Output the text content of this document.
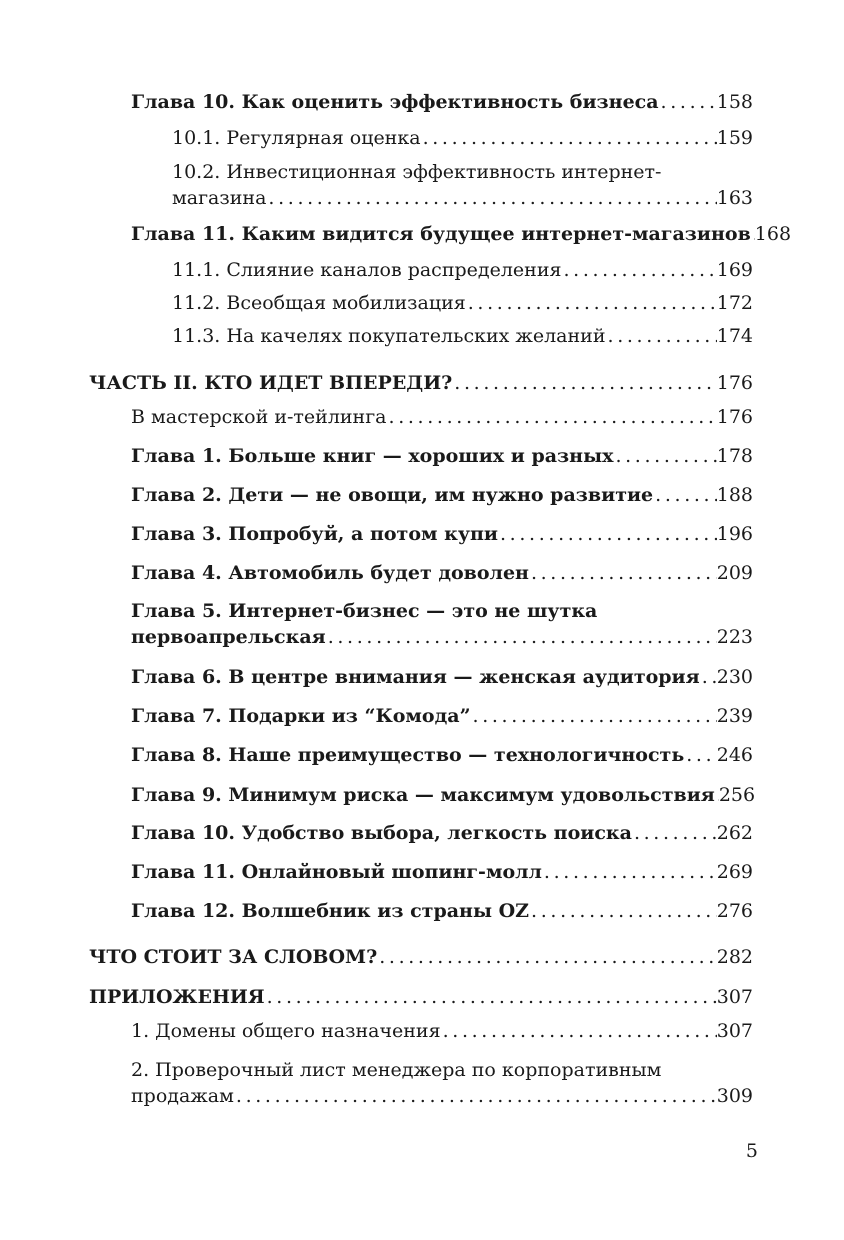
Глава 10. Как оценить эффективность бизнеса . . .	158
10.1. Регулярная оценка . . .	159
10.2. Инвестиционная эффективность интернет-
магазина . . .	163
Глава 11. Каким видится будущее интернет-магазинов . . . 168
11.1. Слияние каналов распределения . . .	169
11.2. Всеобщая мобилизация . . .	172
11.3. На качелях покупательских желаний . . .	174
ЧАСТЬ II. КТО ИДЕТ ВПЕРЕДИ? . . .	176
В мастерской и-тейлинга . . .	176
Глава 1. Больше книг — хороших и разных . . .	178
Глава 2. Дети — не овощи, им нужно развитие . . .	188
Глава 3. Попробуй, а потом купи . . .	196
Глава 4. Автомобиль будет доволен . . .	209
Глава 5. Интернет-бизнес — это не шутка
первоапрельская . . .	223
Глава 6. В центре внимания — женская аудитория . . . 230
Глава 7. Подарки из “Комода” . . .	239
Глава 8. Наше преимущество — технологичность . . . 246
Глава 9. Минимум риска — максимум удовольствия . . . 256
Глава 10. Удобство выбора, легкость поиска . . .	262
Глава 11. Онлайновый шопинг-молл . . .	269
Глава 12. Волшебник из страны OZ . . .	276
ЧТО СТОИТ ЗА СЛОВОМ? . . .	282
ПРИЛОЖЕНИЯ . . .	307
1. Домены общего назначения . . .	307
2. Проверочный лист менеджера по корпоративным
продажам . . .	309
5
